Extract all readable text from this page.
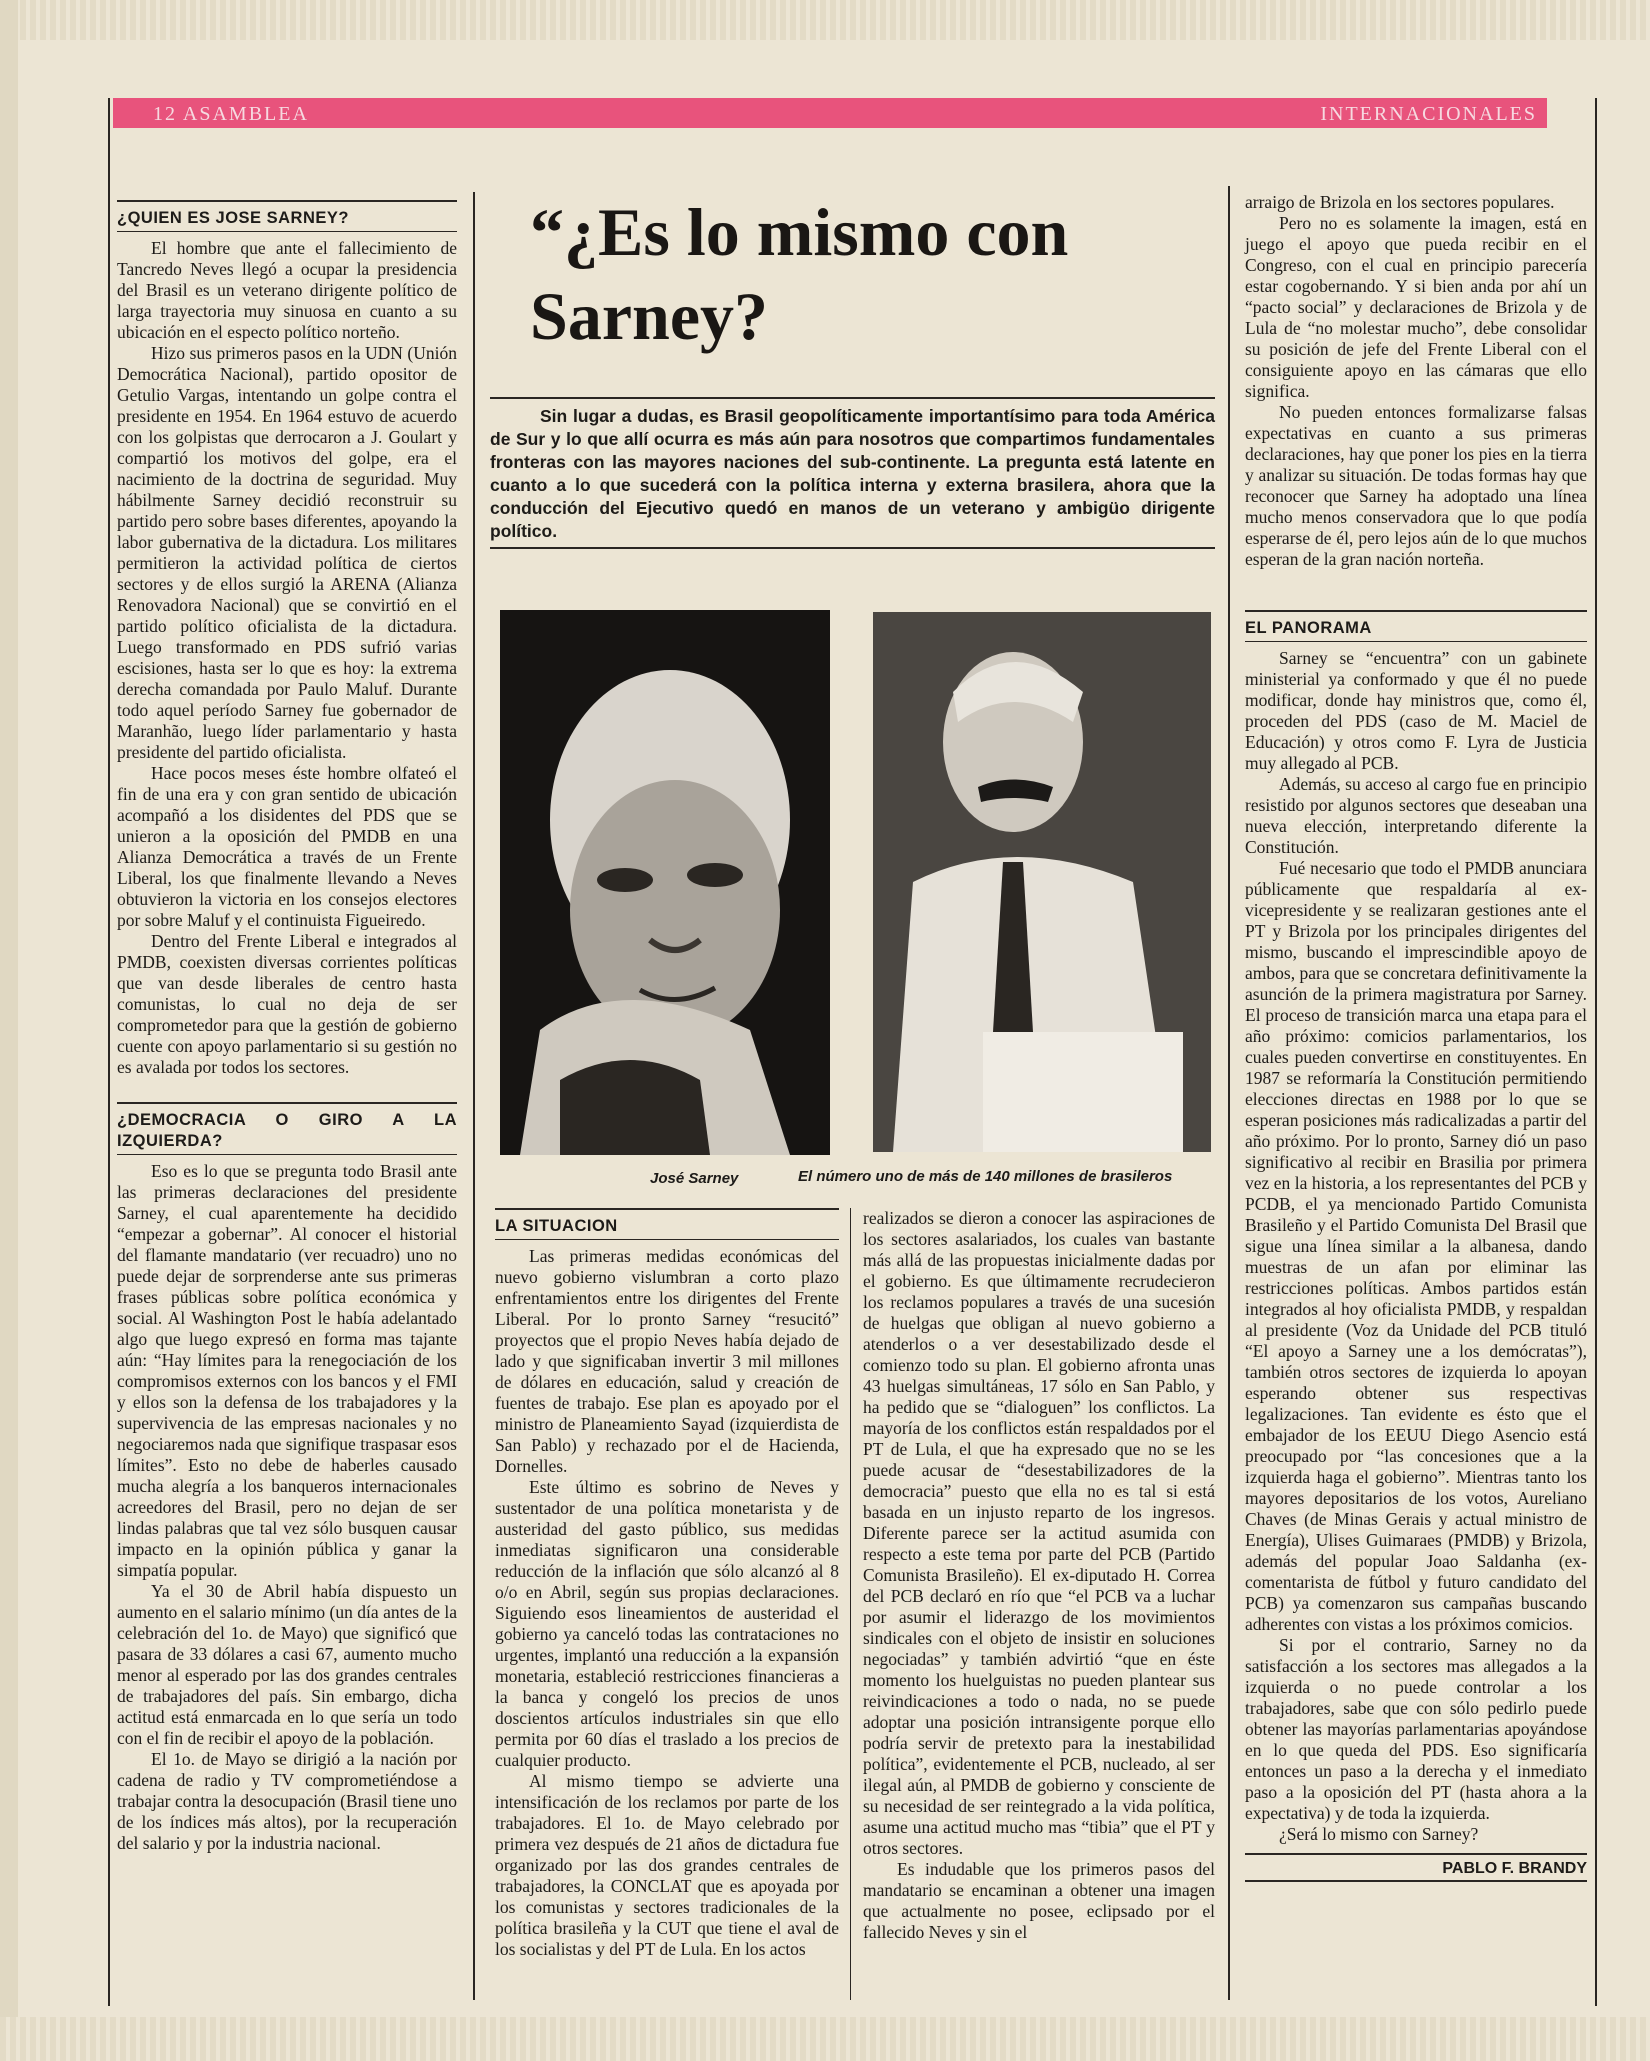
12 ASAMBLEA	INTERNACIONALES
¿QUIEN ES JOSE SARNEY?

El hombre que ante el fallecimiento de Tancredo Neves llegó a ocupar la presidencia del Brasil es un veterano dirigente político de larga trayectoria muy sinuosa en cuanto a su ubicación en el especto político norteño.

Hizo sus primeros pasos en la UDN (Unión Democrática Nacional), partido opositor de Getulio Vargas, intentando un golpe contra el presidente en 1954. En 1964 estuvo de acuerdo con los golpistas que derrocaron a J. Goulart y compartió los motivos del golpe, era el nacimiento de la doctrina de seguridad. Muy hábilmente Sarney decidió reconstruir su partido pero sobre bases diferentes, apoyando la labor gubernativa de la dictadura. Los militares permitieron la actividad política de ciertos sectores y de ellos surgió la ARENA (Alianza Renovadora Nacional) que se convirtió en el partido político oficialista de la dictadura. Luego transformado en PDS sufrió varias escisiones, hasta ser lo que es hoy: la extrema derecha comandada por Paulo Maluf. Durante todo aquel período Sarney fue gobernador de Maranhão, luego líder parlamentario y hasta presidente del partido oficialista.

Hace pocos meses éste hombre olfateó el fin de una era y con gran sentido de ubicación acompañó a los disidentes del PDS que se unieron a la oposición del PMDB en una Alianza Democrática a través de un Frente Liberal, los que finalmente llevando a Neves obtuvieron la victoria en los consejos electores por sobre Maluf y el continuista Figueiredo.

Dentro del Frente Liberal e integrados al PMDB, coexisten diversas corrientes políticas que van desde liberales de centro hasta comunistas, lo cual no deja de ser comprometedor para que la gestión de gobierno cuente con apoyo parlamentario si su gestión no es avalada por todos los sectores.

¿DEMOCRACIA O GIRO A LA IZQUIERDA?

Eso es lo que se pregunta todo Brasil ante las primeras declaraciones del presidente Sarney, el cual aparentemente ha decidido “empezar a gobernar”. Al conocer el historial del flamante mandatario (ver recuadro) uno no puede dejar de sorprenderse ante sus primeras frases públicas sobre política económica y social. Al Washington Post le había adelantado algo que luego expresó en forma mas tajante aún: “Hay límites para la renegociación de los compromisos externos con los bancos y el FMI y ellos son la defensa de los trabajadores y la supervivencia de las empresas nacionales y no negociaremos nada que signifique traspasar esos límites”. Esto no debe de haberles causado mucha alegría a los banqueros internacionales acreedores del Brasil, pero no dejan de ser lindas palabras que tal vez sólo busquen causar impacto en la opinión pública y ganar la simpatía popular.

Ya el 30 de Abril había dispuesto un aumento en el salario mínimo (un día antes de la celebración del 1o. de Mayo) que significó que pasara de 33 dólares a casi 67, aumento mucho menor al esperado por las dos grandes centrales de trabajadores del país. Sin embargo, dicha actitud está enmarcada en lo que sería un todo con el fin de recibir el apoyo de la población.

El 1o. de Mayo se dirigió a la nación por cadena de radio y TV comprometiéndose a trabajar contra la desocupación (Brasil tiene uno de los índices más altos), por la recuperación del salario y por la industria nacional.

“¿Es lo mismo con
Sarney?

Sin lugar a dudas, es Brasil geopolíticamente importantísimo para toda América de Sur y lo que allí ocurra es más aún para nosotros que compartimos fundamentales fronteras con las mayores naciones del sub-continente. La pregunta está latente en cuanto a lo que sucederá con la política interna y externa brasilera, ahora que la conducción del Ejecutivo quedó en manos de un veterano y ambigüo dirigente político.

José Sarney	El número uno de más de 140 millones de brasileros
LA SITUACION

Las primeras medidas económicas del nuevo gobierno vislumbran a corto plazo enfrentamientos entre los dirigentes del Frente Liberal. Por lo pronto Sarney “resucitó” proyectos que el propio Neves había dejado de lado y que significaban invertir 3 mil millones de dólares en educación, salud y creación de fuentes de trabajo. Ese plan es apoyado por el ministro de Planeamiento Sayad (izquierdista de San Pablo) y rechazado por el de Hacienda, Dornelles.

Este último es sobrino de Neves y sustentador de una política monetarista y de austeridad del gasto público, sus medidas inmediatas significaron una considerable reducción de la inflación que sólo alcanzó al 8 o/o en Abril, según sus propias declaraciones. Siguiendo esos lineamientos de austeridad el gobierno ya canceló todas las contrataciones no urgentes, implantó una reducción a la expansión monetaria, estableció restricciones financieras a la banca y congeló los precios de unos doscientos artículos industriales sin que ello permita por 60 días el traslado a los precios de cualquier producto.

Al mismo tiempo se advierte una intensificación de los reclamos por parte de los trabajadores. El 1o. de Mayo celebrado por primera vez después de 21 años de dictadura fue organizado por las dos grandes centrales de trabajadores, la CONCLAT que es apoyada por los comunistas y sectores tradicionales de la política brasileña y la CUT que tiene el aval de los socialistas y del PT de Lula. En los actos

realizados se dieron a conocer las aspiraciones de los sectores asalariados, los cuales van bastante más allá de las propuestas inicialmente dadas por el gobierno. Es que últimamente recrudecieron los reclamos populares a través de una sucesión de huelgas que obligan al nuevo gobierno a atenderlos o a ver desestabilizado desde el comienzo todo su plan. El gobierno afronta unas 43 huelgas simultáneas, 17 sólo en San Pablo, y ha pedido que se “dialoguen” los conflictos. La mayoría de los conflictos están respaldados por el PT de Lula, el que ha expresado que no se les puede acusar de “desestabilizadores de la democracia” puesto que ella no es tal si está basada en un injusto reparto de los ingresos. Diferente parece ser la actitud asumida con respecto a este tema por parte del PCB (Partido Comunista Brasileño). El ex-diputado H. Correa del PCB declaró en río que “el PCB va a luchar por asumir el liderazgo de los movimientos sindicales con el objeto de insistir en soluciones negociadas” y también advirtió “que en éste momento los huelguistas no pueden plantear sus reivindicaciones a todo o nada, no se puede adoptar una posición intransigente porque ello podría servir de pretexto para la inestabilidad política”, evidentemente el PCB, nucleado, al ser ilegal aún, al PMDB de gobierno y consciente de su necesidad de ser reintegrado a la vida política, asume una actitud mucho mas “tibia” que el PT y otros sectores.

Es indudable que los primeros pasos del mandatario se encaminan a obtener una imagen que actualmente no posee, eclipsado por el fallecido Neves y sin el

arraigo de Brizola en los sectores populares.

Pero no es solamente la imagen, está en juego el apoyo que pueda recibir en el Congreso, con el cual en principio parecería estar cogobernando. Y si bien anda por ahí un “pacto social” y declaraciones de Brizola y de Lula de “no molestar mucho”, debe consolidar su posición de jefe del Frente Liberal con el consiguiente apoyo en las cámaras que ello significa.

No pueden entonces formalizarse falsas expectativas en cuanto a sus primeras declaraciones, hay que poner los pies en la tierra y analizar su situación. De todas formas hay que reconocer que Sarney ha adoptado una línea mucho menos conservadora que lo que podía esperarse de él, pero lejos aún de lo que muchos esperan de la gran nación norteña.

EL PANORAMA

Sarney se “encuentra” con un gabinete ministerial ya conformado y que él no puede modificar, donde hay ministros que, como él, proceden del PDS (caso de M. Maciel de Educación) y otros como F. Lyra de Justicia muy allegado al PCB.

Además, su acceso al cargo fue en principio resistido por algunos sectores que deseaban una nueva elección, interpretando diferente la Constitución.

Fué necesario que todo el PMDB anunciara públicamente que respaldaría al ex-vicepresidente y se realizaran gestiones ante el PT y Brizola por los principales dirigentes del mismo, buscando el imprescindible apoyo de ambos, para que se concretara definitivamente la asunción de la primera magistratura por Sarney. El proceso de transición marca una etapa para el año próximo: comicios parlamentarios, los cuales pueden convertirse en constituyentes. En 1987 se reformaría la Constitución permitiendo elecciones directas en 1988 por lo que se esperan posiciones más radicalizadas a partir del año próximo. Por lo pronto, Sarney dió un paso significativo al recibir en Brasilia por primera vez en la historia, a los representantes del PCB y PCDB, el ya mencionado Partido Comunista Brasileño y el Partido Comunista Del Brasil que sigue una línea similar a la albanesa, dando muestras de un afan por eliminar las restricciones políticas. Ambos partidos están integrados al hoy oficialista PMDB, y respaldan al presidente (Voz da Unidade del PCB tituló “El apoyo a Sarney une a los demócratas”), también otros sectores de izquierda lo apoyan esperando obtener sus respectivas legalizaciones. Tan evidente es ésto que el embajador de los EEUU Diego Asencio está preocupado por “las concesiones que a la izquierda haga el gobierno”. Mientras tanto los mayores depositarios de los votos, Aureliano Chaves (de Minas Gerais y actual ministro de Energía), Ulises Guimaraes (PMDB) y Brizola, además del popular Joao Saldanha (ex-comentarista de fútbol y futuro candidato del PCB) ya comenzaron sus campañas buscando adherentes con vistas a los próximos comicios.

Si por el contrario, Sarney no da satisfacción a los sectores mas allegados a la izquierda o no puede controlar a los trabajadores, sabe que con sólo pedirlo puede obtener las mayorías parlamentarias apoyándose en lo que queda del PDS. Eso significaría entonces un paso a la derecha y el inmediato paso a la oposición del PT (hasta ahora a la expectativa) y de toda la izquierda.

¿Será lo mismo con Sarney?

PABLO F. BRANDY
